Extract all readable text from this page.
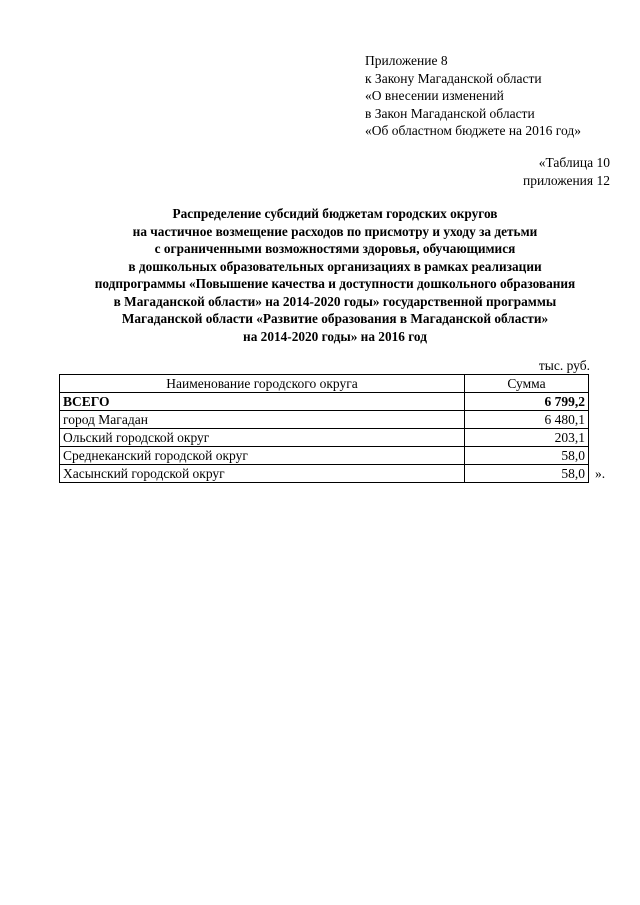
Приложение 8
к Закону Магаданской области
«О внесении изменений
в Закон Магаданской области
«Об областном бюджете на 2016 год»
«Таблица 10
приложения 12
Распределение субсидий бюджетам городских округов
на частичное возмещение расходов по присмотру и уходу за детьми
с ограниченными возможностями здоровья, обучающимися
в дошкольных образовательных организациях в рамках реализации
подпрограммы «Повышение качества и доступности дошкольного образования
в Магаданской области» на 2014-2020 годы» государственной программы
Магаданской области «Развитие образования в Магаданской области»
на 2014-2020 годы» на 2016 год
тыс. руб.
Наименование городского округа	Сумма
ВСЕГО	6 799,2
город Магадан	6 480,1
Ольский городской округ	203,1
Среднеканский городской округ	58,0
Хасынский городской округ	58,0 ».
